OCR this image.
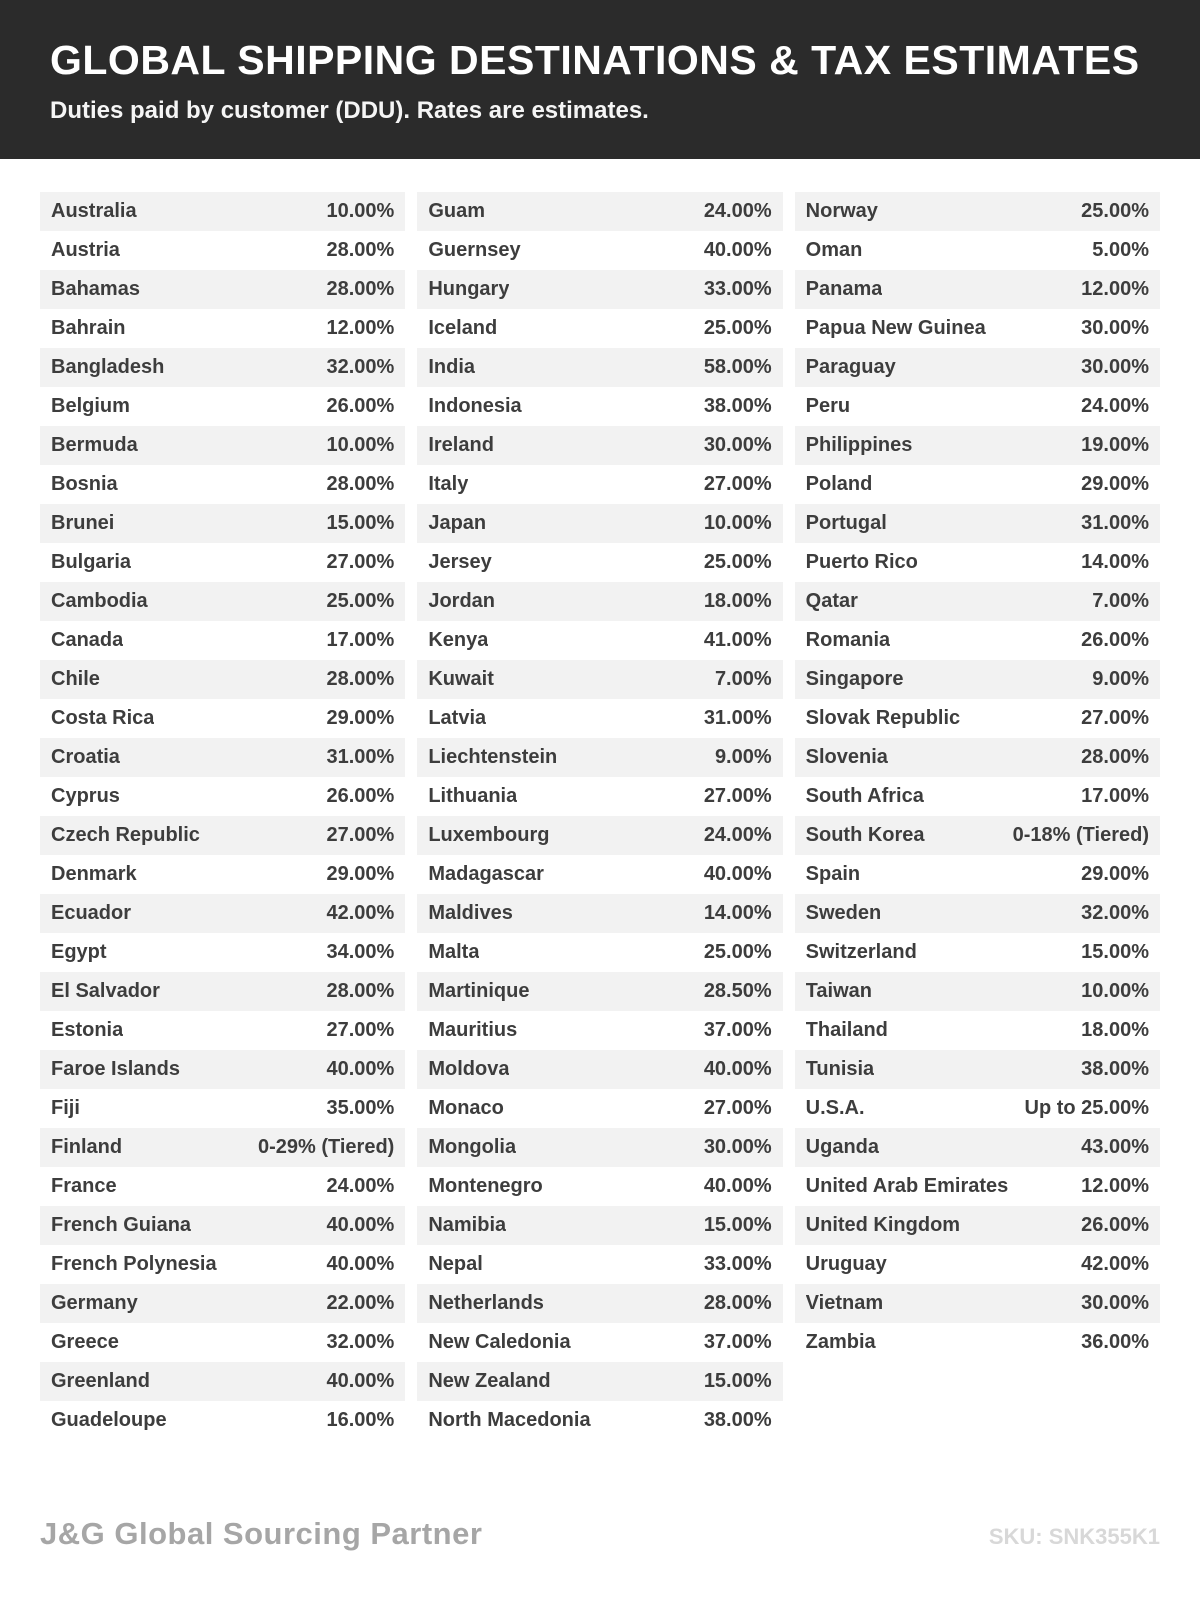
GLOBAL SHIPPING DESTINATIONS & TAX ESTIMATES
Duties paid by customer (DDU). Rates are estimates.
Australia	10.00%
Austria	28.00%
Bahamas	28.00%
Bahrain	12.00%
Bangladesh	32.00%
Belgium	26.00%
Bermuda	10.00%
Bosnia	28.00%
Brunei	15.00%
Bulgaria	27.00%
Cambodia	25.00%
Canada	17.00%
Chile	28.00%
Costa Rica	29.00%
Croatia	31.00%
Cyprus	26.00%
Czech Republic	27.00%
Denmark	29.00%
Ecuador	42.00%
Egypt	34.00%
El Salvador	28.00%
Estonia	27.00%
Faroe Islands	40.00%
Fiji	35.00%
Finland	0-29% (Tiered)
France	24.00%
French Guiana	40.00%
French Polynesia	40.00%
Germany	22.00%
Greece	32.00%
Greenland	40.00%
Guadeloupe	16.00%
Guam	24.00%
Guernsey	40.00%
Hungary	33.00%
Iceland	25.00%
India	58.00%
Indonesia	38.00%
Ireland	30.00%
Italy	27.00%
Japan	10.00%
Jersey	25.00%
Jordan	18.00%
Kenya	41.00%
Kuwait	7.00%
Latvia	31.00%
Liechtenstein	9.00%
Lithuania	27.00%
Luxembourg	24.00%
Madagascar	40.00%
Maldives	14.00%
Malta	25.00%
Martinique	28.50%
Mauritius	37.00%
Moldova	40.00%
Monaco	27.00%
Mongolia	30.00%
Montenegro	40.00%
Namibia	15.00%
Nepal	33.00%
Netherlands	28.00%
New Caledonia	37.00%
New Zealand	15.00%
North Macedonia	38.00%
Norway	25.00%
Oman	5.00%
Panama	12.00%
Papua New Guinea	30.00%
Paraguay	30.00%
Peru	24.00%
Philippines	19.00%
Poland	29.00%
Portugal	31.00%
Puerto Rico	14.00%
Qatar	7.00%
Romania	26.00%
Singapore	9.00%
Slovak Republic	27.00%
Slovenia	28.00%
South Africa	17.00%
South Korea	0-18% (Tiered)
Spain	29.00%
Sweden	32.00%
Switzerland	15.00%
Taiwan	10.00%
Thailand	18.00%
Tunisia	38.00%
U.S.A.	Up to 25.00%
Uganda	43.00%
United Arab Emirates	12.00%
United Kingdom	26.00%
Uruguay	42.00%
Vietnam	30.00%
Zambia	36.00%
J&G Global Sourcing Partner	SKU: SNK355K1
